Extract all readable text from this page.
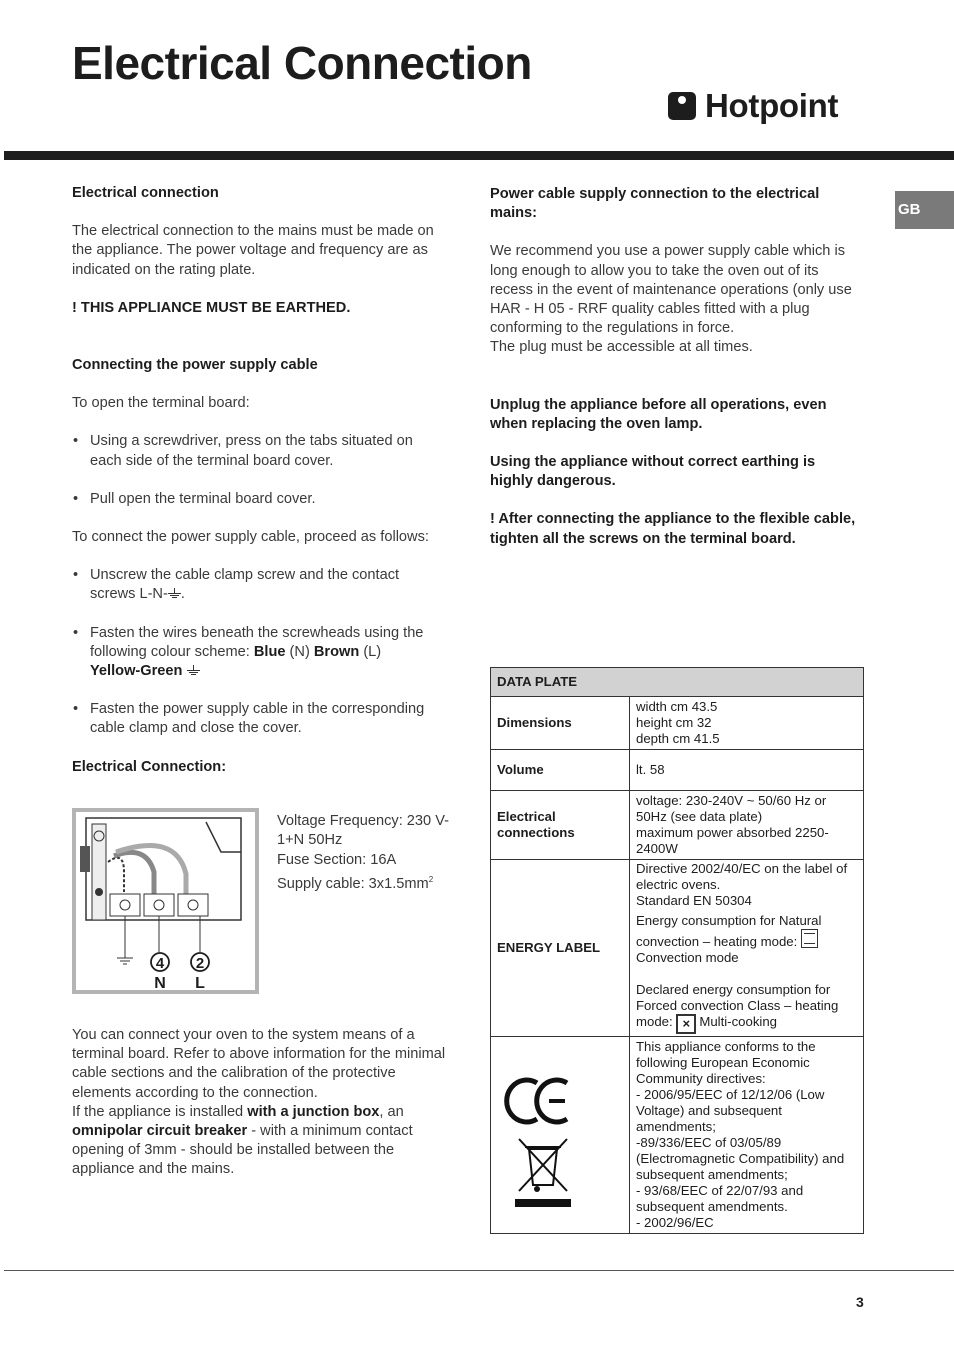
Electrical Connection
Hotpoint
GB

Electrical connection

The electrical connection to the mains must be made on the appliance. The power voltage and frequency are as indicated on the rating plate.

! THIS APPLIANCE MUST BE EARTHED.

Connecting the power supply cable

To open the terminal board:

• Using a screwdriver, press on the tabs situated on each side of the terminal board cover.
• Pull open the terminal board cover.

To connect the power supply cable, proceed as follows:

• Unscrew the cable clamp screw and the contact screws L-N- .
• Fasten the wires beneath the screwheads using the following colour scheme: Blue (N) Brown (L)
Yellow-Green
• Fasten the power supply cable in the corresponding cable clamp and close the cover.

Electrical Connection:

4 2
N L
Voltage Frequency: 230 V-1+N 50Hz
Fuse Section: 16A
Supply cable: $3x1.5mm^2$

You can connect your oven to the system means of a terminal board. Refer to above information for the minimal cable sections and the calibration of the protective elements according to the connection.

If the appliance is installed with a junction box, an omnipolar circuit breaker - with a minimum contact opening of 3mm - should be installed between the appliance and the mains.

Power cable supply connection to the electrical mains:

We recommend you use a power supply cable which is long enough to allow you to take the oven out of its recess in the event of maintenance operations (only use HAR - H 05 - RRF quality cables fitted with a plug conforming to the regulations in force.

The plug must be accessible at all times.

Unplug the appliance before all operations, even when replacing the oven lamp.

Using the appliance without correct earthing is highly dangerous.

! After connecting the appliance to the flexible cable, tighten all the screws on the terminal board.

DATA PLATE	
Dimensions	width cm 43.5
height cm 32
depth cm 41.5

Volume	lt. 58
Electrical connections	voltage: 230-240V ~ 50/60 Hz or 50Hz (see data plate)
maximum power absorbed 2250-2400W

ENERGY LABEL	Directive 2002/40/EC on the label of electric ovens.
Standard EN 50304
Energy consumption for Natural convection – heating mode:
Convection mode
Declared energy consumption for Forced convection Class – heating mode: × Multi-cooking

This appliance conforms to the following European Economic Community directives:
- 2006/95/EEC of 12/12/06 (Low Voltage) and subsequent amendments;
-89/336/EEC of 03/05/89 (Electromagnetic Compatibility) and subsequent amendments;
- 93/68/EEC of 22/07/93 and subsequent amendments.
- 2002/96/EC
3
